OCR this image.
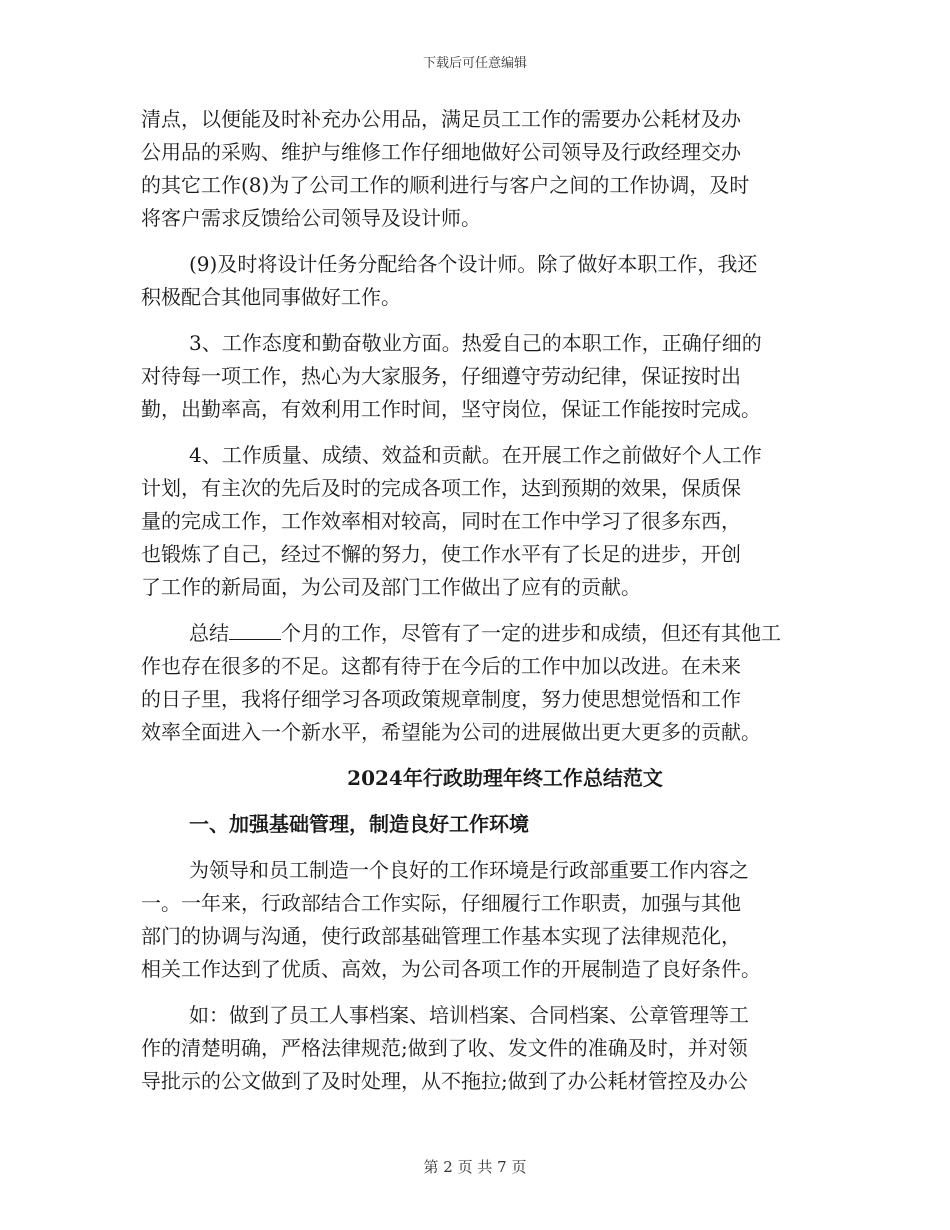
下载后可任意编辑
清点，以便能及时补充办公用品，满足员工工作的需要办公耗材及办
公用品的采购、维护与维修工作仔细地做好公司领导及行政经理交办
的其它工作(8)为了公司工作的顺利进行与客户之间的工作协调，及时
将客户需求反馈给公司领导及设计师。
(9)及时将设计任务分配给各个设计师。除了做好本职工作，我还
积极配合其他同事做好工作。
3、工作态度和勤奋敬业方面。热爱自己的本职工作，正确仔细的
对待每一项工作，热心为大家服务，仔细遵守劳动纪律，保证按时出
勤，出勤率高，有效利用工作时间，坚守岗位，保证工作能按时完成。
4、工作质量、成绩、效益和贡献。在开展工作之前做好个人工作
计划，有主次的先后及时的完成各项工作，达到预期的效果，保质保
量的完成工作，工作效率相对较高，同时在工作中学习了很多东西，
也锻炼了自己，经过不懈的努力，使工作水平有了长足的进步，开创
了工作的新局面，为公司及部门工作做出了应有的贡献。
总结	个月的工作，尽管有了一定的进步和成绩，但还有其他工
作也存在很多的不足。这都有待于在今后的工作中加以改进。在未来
的日子里，我将仔细学习各项政策规章制度，努力使思想觉悟和工作
效率全面进入一个新水平，希望能为公司的进展做出更大更多的贡献。
2024年行政助理年终工作总结范文
一、加强基础管理，制造良好工作环境
为领导和员工制造一个良好的工作环境是行政部重要工作内容之
一。一年来，行政部结合工作实际，仔细履行工作职责，加强与其他
部门的协调与沟通，使行政部基础管理工作基本实现了法律规范化，
相关工作达到了优质、高效，为公司各项工作的开展制造了良好条件。
如：做到了员工人事档案、培训档案、合同档案、公章管理等工
作的清楚明确，严格法律规范;做到了收、发文件的准确及时，并对领
导批示的公文做到了及时处理，从不拖拉;做到了办公耗材管控及办公
第 2 页 共 7 页
